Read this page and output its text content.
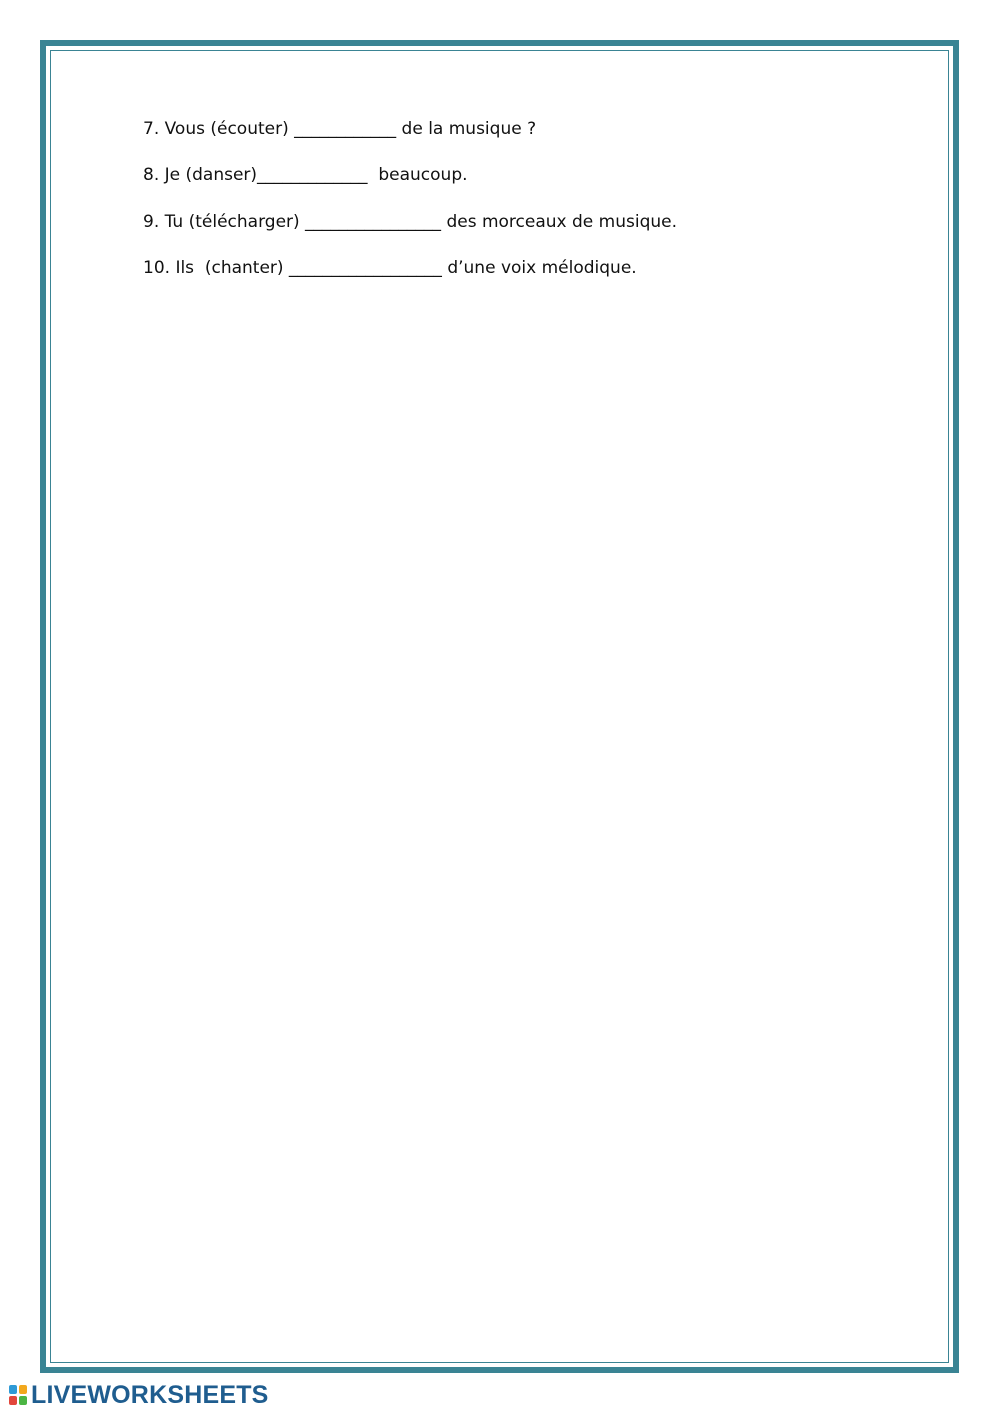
7. Vous (écouter) ____________ de la musique ?
8. Je (danser)_____________  beaucoup.
9. Tu (télécharger) ________________ des morceaux de musique.
10. Ils  (chanter) __________________ d’une voix mélodique.
LIVEWORKSHEETS
